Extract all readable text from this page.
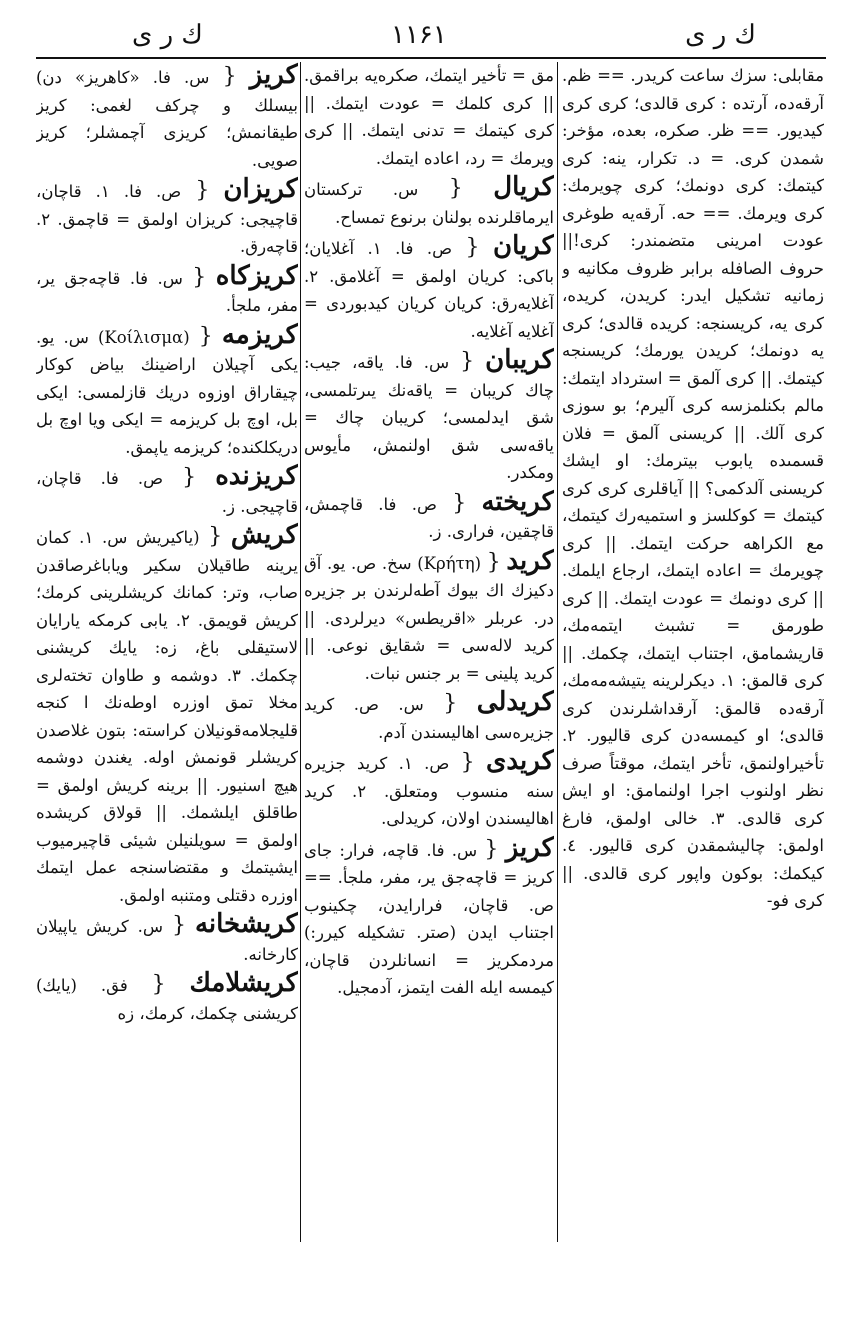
ك ر ی	۱۱۶۱	ك ر ی
مقابلی: سزك ساعت كريدر. == ظم. آرقەدە، آرتدە : كرى قالدى؛ كرى كرى كيديور. == ظر. صكره، بعده، مؤخر: شمدن كرى. = د. تكرار، ينه: كرى كيتمك: كرى دونمك؛ كرى چويرمك: كرى ويرمك. == حه. آرقەيە طوغرى عودت امرينى متضمندر: كرى!|| حروف الصافلە برابر ظروف مكانيه و زمانيه تشكيل ايدر: كريدن، كريدە، كرى يە، كريسنجه: كريدە قالدى؛ كرى يە دونمك؛ كريدن يورمك؛ كريسنجه كيتمك. || كرى آلمق = استرداد ايتمك: مالم بكنلمزسه كرى آليرم؛ بو سوزى كرى آلك. || كريسنى آلمق = فلان قسمىدە يابوب بيترمك: او ايشك كريسنى آلدكمى؟ || آياقلرى كرى كرى كيتمك = كوكلسز و استميەرك كيتمك، مع الكراهه حركت ايتمك. || كرى چويرمك = اعاده ايتمك، ارجاع ايلمك. || كرى دونمك = عودت ايتمك. || كرى طورمق = تشبث ايتمەمك، قاريشمامق، اجتناب ايتمك، چكمك. || كرى قالمق: ١. ديكرلرينه يتيشەمەمك، آرقەدە قالمق: آرقداشلرندن كرى قالدى؛ او كيمسەدن كرى قاليور. ٢. تأخيراولنمق، تأخر ايتمك، موقتاً صرف نظر اولنوب اجرا اولنمامق: او ايش كرى قالدى. ٣. خالى اولمق، فارغ اولمق: چاليشمقدن كرى قاليور. ٤. كيكمك: بوكون واپور كرى قالدى. || كرى فو-
مق = تأخير ايتمك، صكرەيە براقمق. || كرى كلمك = عودت ايتمك. || كرى كيتمك = تدنى ايتمك. || كرى ويرمك = رد، اعاده ايتمك.
كريال { س. تركستان ايرماقلرنده بولنان برنوع تمساح.
كريان { ص. فا. ١. آغلايان؛ باكى: كريان اولمق = آغلامق. ٢. آغلايەرق: كريان كريان كيدبوردى = آغلايه آغلايه.
كريبان { س. فا. ياقه، جيب: چاك كريبان = ياقەنك يىرتلمسى، شق ايدلمسى؛ كريبان چاك = ياقەسى شق اولنمش، مأيوس ومكدر.
كريخته { ص. فا. قاچمش، قاچقين، فرارى. ز.
كريد { (Κρήτη) سخ. ص. يو. آق دكيزك اك بيوك آطه‌لرندن بر جزيره در. عربلر «اقريطس» ديرلردى. || كريد لالەسى = شقايق نوعى. || كريد پلينى = بر جنس نبات.
كريدلى { س. ص. كريد جزيرەسى اهاليسندن آدم.
كريدى { ص. ١. كريد جزيره سنه منسوب ومتعلق. ٢. كريد اهاليسندن اولان، كريدلى.
كريز { س. فا. قاچه، فرار: جاى كريز = قاچەجق ير، مفر، ملجأ. == ص. قاچان، فرارايدن، چكينوب اجتناب ايدن (صتر. تشكيله كيرر:) مردمكريز = انسانلردن قاچان، كيمسه ايله الفت ايتمز، آدمجيل.
كريز { س. فا. «كاهريز» دن) بيسلك و چركف لغمى: كريز طيقانمش؛ كريزى آچمشلر؛ كريز صويى.
كريزان { ص. فا. ١. قاچان، قاچيجى: كريزان اولمق = قاچمق. ٢. قاچەرق.
كريزكاه { س. فا. قاچەجق ير، مفر، ملجأ.
كريزمه { (Κοίλισμα) س. يو. يكى آچيلان اراضينك بياض كوكار چيقاراق اوزوه دريك قازلمسى: ايكى بل، اوچ بل كريزمه = ايكى ويا اوچ بل دريكلكنده؛ كريزمه ياپمق.
كريزنده { ص. فا. قاچان، قاچيجى. ز.
كريش { (ياكيريش س. ١. كمان يرينه طاقيلان سكير وياباغرصاقدن صاب، وتر: كمانك كريشلرينى كرمك؛ كريش قويمق. ٢. يابى كرمكه يارايان لاستيقلى باغ، زه: يايك كريشنى چكمك. ٣. دوشمه و طاوان تختەلرى مخلا تمق اوزره اوطەنك ا كنجه قليجلامەقونيلان كراسته: بتون غلاصدن كريشلر قونمش اوله. يغندن دوشمه هيچ اسنيور. || برينه كريش اولمق = طاقلق ايلشمك. || قولاق كريشده اولمق = سويلنيلن شيئى قاچيرميوب ايشيتمك و مقتضاسنجه عمل ايتمك اوزره دقتلى ومتنبه اولمق.
كريشخانه { س. كريش ياپيلان كارخانه.
كريشلامك { فق. (يايك) كريشنى چكمك، كرمك، زه
